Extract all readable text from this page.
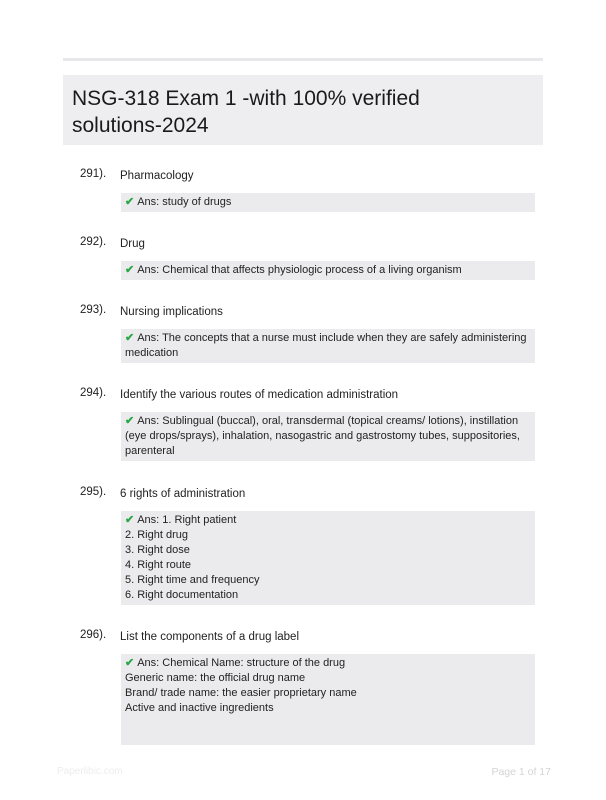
NSG-318 Exam 1 -with 100% verified
solutions-2024
291).	Pharmacology
✔ Ans: study of drugs
292).	Drug
✔ Ans: Chemical that affects physiologic process of a living organism
293).	Nursing implications
✔ Ans: The concepts that a nurse must include when they are safely administering
medication
294).	Identify the various routes of medication administration
✔ Ans: Sublingual (buccal), oral, transdermal (topical creams/ lotions), instillation
(eye drops/sprays), inhalation, nasogastric and gastrostomy tubes, suppositories,
parenteral
295).	6 rights of administration
✔ Ans: 1. Right patient
2. Right drug
3. Right dose
4. Right route
5. Right time and frequency
6. Right documentation
296).	List the components of a drug label
✔ Ans: Chemical Name: structure of the drug
Generic name: the official drug name
Brand/ trade name: the easier proprietary name
Active and inactive ingredients
Paperlibic.com	Page 1 of 17
